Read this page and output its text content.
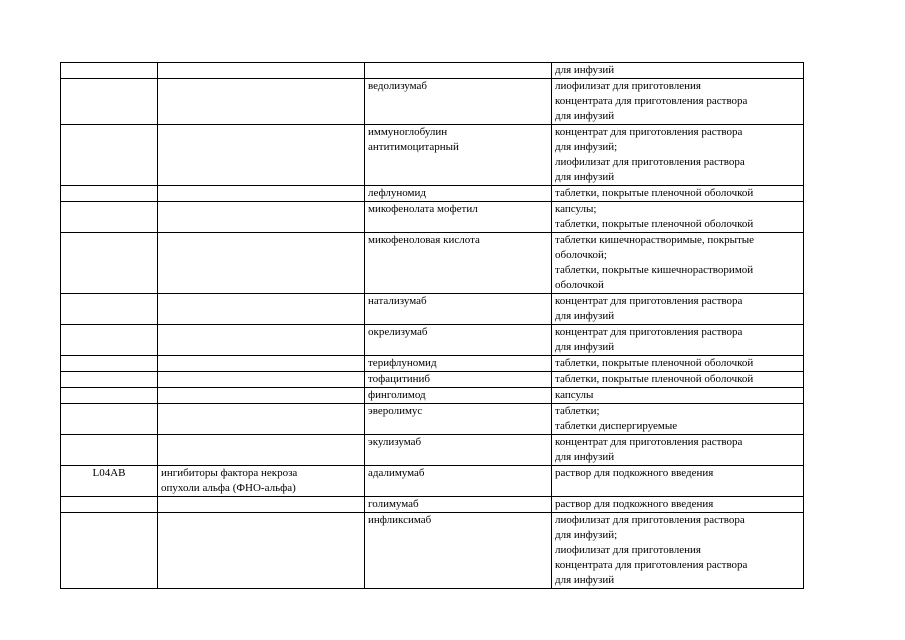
			для инфузий
		ведолизумаб	лиофилизат для приготовления
концентрата для приготовления раствора
для инфузий
		иммуноглобулин
антитимоцитарный	концентрат для приготовления раствора
для инфузий;
лиофилизат для приготовления раствора
для инфузий
		лефлуномид	таблетки, покрытые пленочной оболочкой
		микофенолата мофетил	капсулы;
таблетки, покрытые пленочной оболочкой
		микофеноловая кислота	таблетки кишечнорастворимые, покрытые
оболочкой;
таблетки, покрытые кишечнорастворимой
оболочкой
		натализумаб	концентрат для приготовления раствора
для инфузий
		окрелизумаб	концентрат для приготовления раствора
для инфузий
		терифлуномид	таблетки, покрытые пленочной оболочкой
		тофацитиниб	таблетки, покрытые пленочной оболочкой
		финголимод	капсулы
		эверолимус	таблетки;
таблетки диспергируемые
		экулизумаб	концентрат для приготовления раствора
для инфузий
L04AB	ингибиторы фактора некроза
опухоли альфа (ФНО-альфа)	адалимумаб	раствор для подкожного введения
		голимумаб	раствор для подкожного введения
		инфликсимаб	лиофилизат для приготовления раствора
для инфузий;
лиофилизат для приготовления
концентрата для приготовления раствора
для инфузий
